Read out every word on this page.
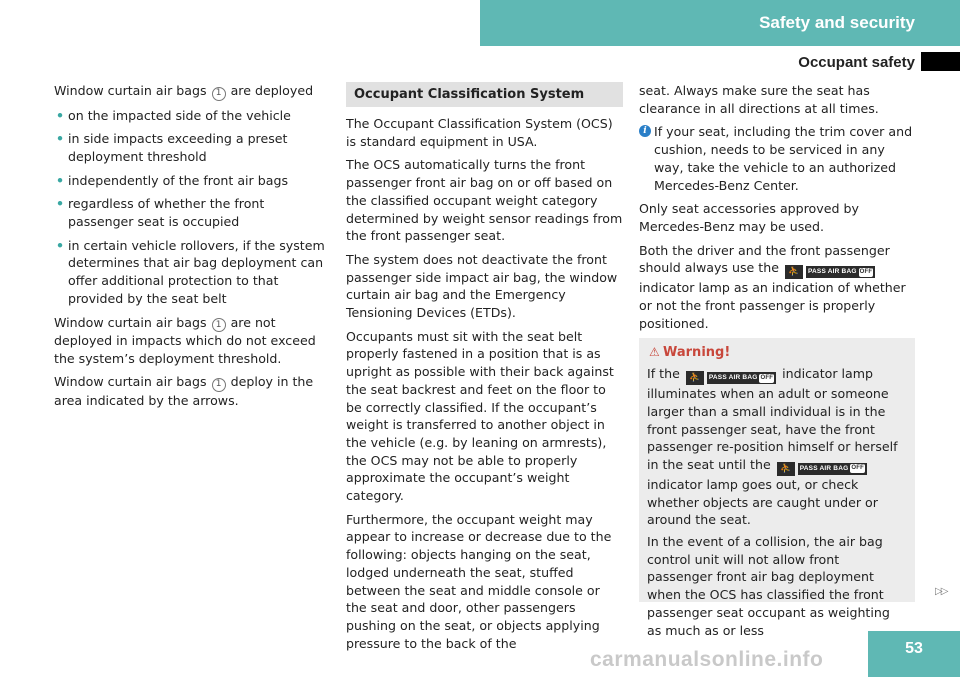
Safety and security
Occupant safety

Window curtain air bags 1 are deployed

• on the impacted side of the vehicle
• in side impacts exceeding a preset deployment threshold
• independently of the front air bags
• regardless of whether the front passenger seat is occupied
• in certain vehicle rollovers, if the system determines that air bag deployment can offer additional protection to that provided by the seat belt

Window curtain air bags 1 are not deployed in impacts which do not exceed the system’s deployment threshold.

Window curtain air bags 1 deploy in the area indicated by the arrows.

Occupant Classification System

The Occupant Classification System (OCS) is standard equipment in USA.

The OCS automatically turns the front passenger front air bag on or off based on the classified occupant weight category determined by weight sensor readings from the front passenger seat.

The system does not deactivate the front passenger side impact air bag, the window curtain air bag and the Emergency Tensioning Devices (ETDs).

Occupants must sit with the seat belt properly fastened in a position that is as upright as possible with their back against the seat backrest and feet on the floor to be correctly classified. If the occupant’s weight is transferred to another object in the vehicle (e.g. by leaning on armrests), the OCS may not be able to properly approximate the occupant’s weight category.

Furthermore, the occupant weight may appear to increase or decrease due to the following: objects hanging on the seat, lodged underneath the seat, stuffed between the seat and middle console or the seat and door, other passengers pushing on the seat, or objects applying pressure to the back of the

seat. Always make sure the seat has clearance in all directions at all times.

i If your seat, including the trim cover and cushion, needs to be serviced in any way, take the vehicle to an authorized Mercedes-Benz Center.

Only seat accessories approved by Mercedes-Benz may be used.

Both the driver and the front passenger should always use the	⛹	PASS AIR BAG OFF
indicator lamp as an indication of whether or not the front passenger is properly positioned.

⚠ Warning!

If the	⛹	PASS AIR BAG OFF indicator lamp illuminates when an adult or someone larger than a small individual is in the front passenger seat, have the front passenger re-position himself or herself in the seat until the	⛹	PASS AIR BAG OFF
indicator lamp goes out, or check whether objects are caught under or around the seat.

In the event of a collision, the air bag control unit will not allow front passenger front air bag deployment when the OCS has classified the front passenger seat occupant as weighting as much as or less

▷▷
carmanualsonline.info	53
